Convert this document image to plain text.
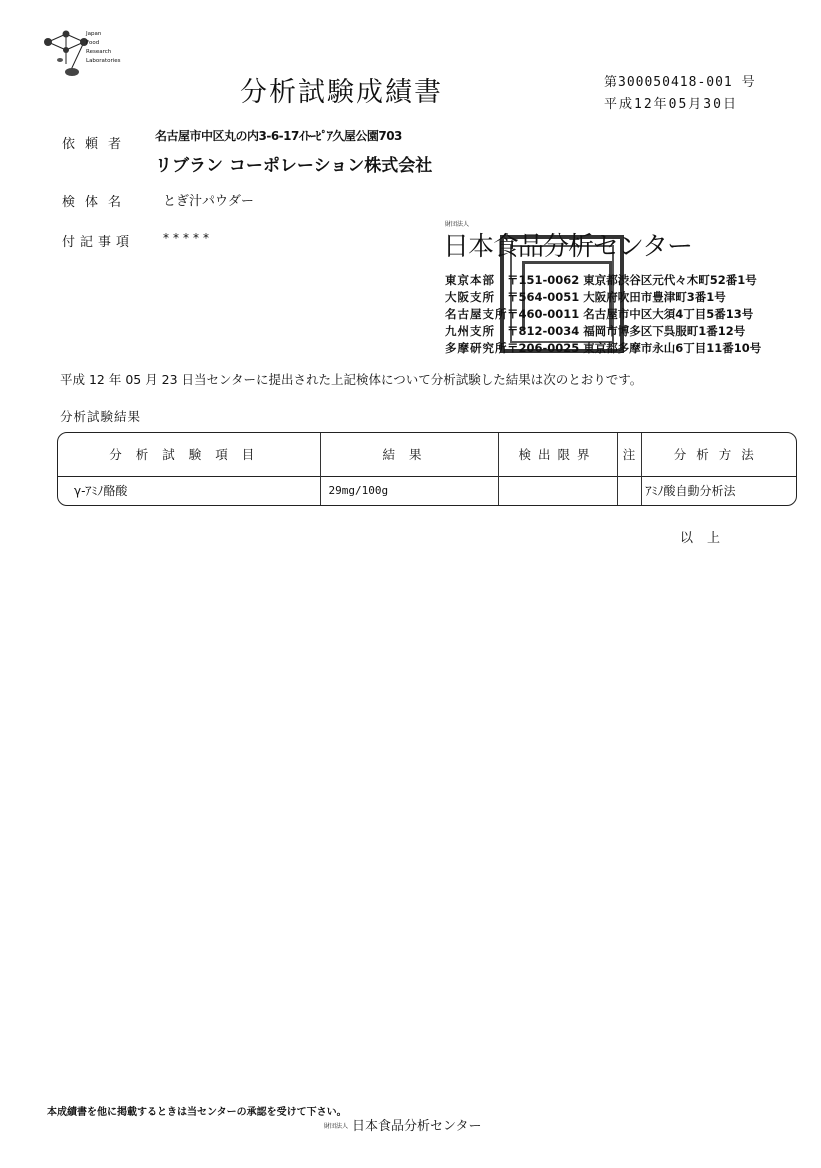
Japan
Food
Research
Laboratories
分析試験成績書	第300050418-001 号
平成12年05月30日
依頼者
名古屋市中区丸の内3-6-17ｲﾄｰﾋﾟｱ久屋公園703
リブラン コーポレーション株式会社
検体名 とぎ汁パウダー
付記事項 *****
財団法人
日本食品分析センター
東京本部	〒151-0062 東京都渋谷区元代々木町52番1号
大阪支所	〒564-0051 大阪府吹田市豊津町3番1号
名古屋支所 〒460-0011 名古屋市中区大須4丁目5番13号
九州支所	〒812-0034 福岡市博多区下呉服町1番12号
多摩研究所 〒206-0025 東京都多摩市永山6丁目11番10号
平成 12 年 05 月 23 日当センターに提出された上記検体について分析試験した結果は次のとおりです。
分析試験結果
分析試験項目	結果	検出限界	注	分析方法
γ-ｱﾐﾉ酪酸	29mg/100g			ｱﾐﾉ酸自動分析法
以上
本成績書を他に掲載するときは当センターの承認を受けて下さい。
財団法人 日本食品分析センター
